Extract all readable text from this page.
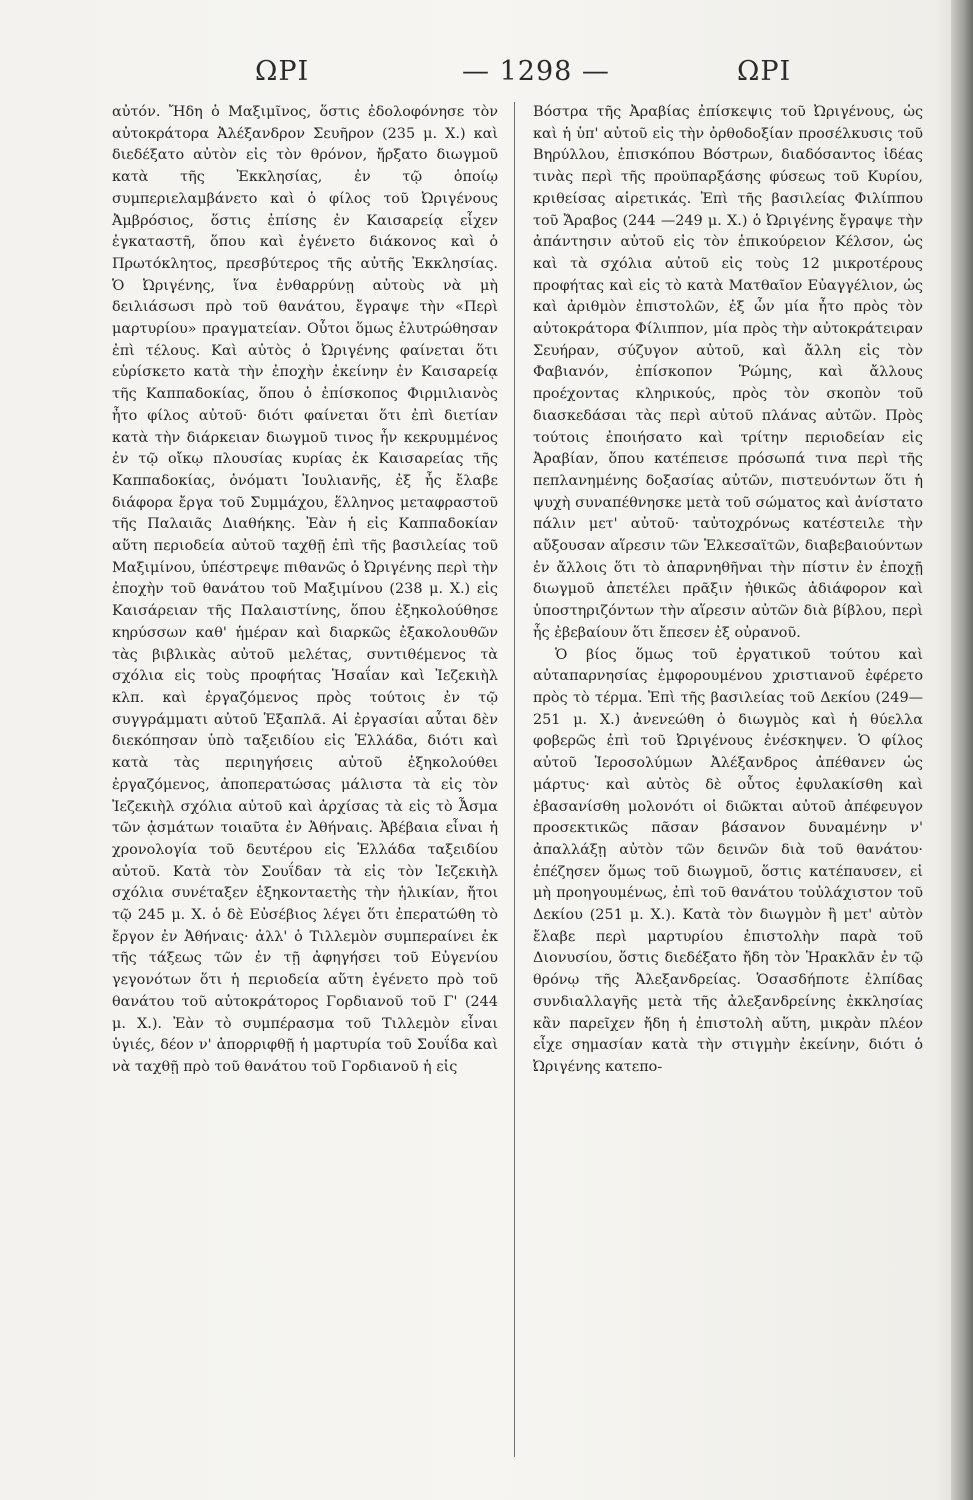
ΩΡΙ	— 1298 —	ΩΡΙ

αὐτόν. Ἤδη ὁ Μαξιμῖνος, ὅστις ἐδολοφόνησε τὸν αὐτοκράτορα Ἀλέξανδρον Σευῆρον (235 μ. Χ.) καὶ διεδέξατο αὐτὸν εἰς τὸν θρόνον, ἤρξατο διωγμοῦ κατὰ τῆς Ἐκκλησίας, ἐν τῷ ὁποίῳ συμπεριελαμβάνετο καὶ ὁ φίλος τοῦ Ὠριγένους Ἀμβρόσιος, ὅστις ἐπίσης ἐν Καισαρείᾳ εἶχεν ἐγκαταστῆ, ὅπου καὶ ἐγένετο διάκονος καὶ ὁ Πρωτόκλητος, πρεσβύτερος τῆς αὐτῆς Ἐκκλησίας. Ὁ Ὠριγένης, ἵνα ἐνθαρρύνῃ αὐτοὺς νὰ μὴ δειλιάσωσι πρὸ τοῦ θανάτου, ἔγραψε τὴν «Περὶ μαρτυρίου» πραγματείαν. Οὗτοι ὅμως ἐλυτρώθησαν ἐπὶ τέλους. Καὶ αὐτὸς ὁ Ὠριγένης φαίνεται ὅτι εὑρίσκετο κατὰ τὴν ἐποχὴν ἐκείνην ἐν Καισαρείᾳ τῆς Καππαδοκίας, ὅπου ὁ ἐπίσκοπος Φιρμιλιανὸς ἦτο φίλος αὐτοῦ· διότι φαίνεται ὅτι ἐπὶ διετίαν κατὰ τὴν διάρκειαν διωγμοῦ τινος ἦν κεκρυμμένος ἐν τῷ οἴκῳ πλουσίας κυρίας ἐκ Καισαρείας τῆς Καππαδοκίας, ὀνόματι Ἰουλιανῆς, ἐξ ἧς ἔλαβε διάφορα ἔργα τοῦ Συμμάχου, ἕλληνος μεταφραστοῦ τῆς Παλαιᾶς Διαθήκης. Ἐὰν ἡ εἰς Καππαδοκίαν αὕτη περιοδεία αὐτοῦ ταχθῇ ἐπὶ τῆς βασιλείας τοῦ Μαξιμίνου, ὑπέστρεψε πιθανῶς ὁ Ὠριγένης περὶ τὴν ἐποχὴν τοῦ θανάτου τοῦ Μαξιμίνου (238 μ. Χ.) εἰς Καισάρειαν τῆς Παλαιστίνης, ὅπου ἐξηκολούθησε κηρύσσων καθ' ἡμέραν καὶ διαρκῶς ἐξακολουθῶν τὰς βιβλικὰς αὐτοῦ μελέτας, συντιθέμενος τὰ σχόλια εἰς τοὺς προφήτας Ἡσαΐαν καὶ Ἰεζεκιὴλ κλπ. καὶ ἐργαζόμενος πρὸς τούτοις ἐν τῷ συγγράμματι αὐτοῦ Ἑξαπλᾶ. Αἱ ἐργασίαι αὗται δὲν διεκόπησαν ὑπὸ ταξειδίου εἰς Ἑλλάδα, διότι καὶ κατὰ τὰς περιηγήσεις αὐτοῦ ἐξηκολούθει ἐργαζόμενος, ἀποπερατώσας μάλιστα τὰ εἰς τὸν Ἰεζεκιὴλ σχόλια αὐτοῦ καὶ ἀρχίσας τὰ εἰς τὸ Ἆσμα τῶν ᾀσμάτων τοιαῦτα ἐν Ἀθήναις. Ἀβέβαια εἶναι ἡ χρονολογία τοῦ δευτέρου εἰς Ἑλλάδα ταξειδίου αὐτοῦ. Κατὰ τὸν Σουΐδαν τὰ εἰς τὸν Ἰεζεκιὴλ σχόλια συνέταξεν ἑξηκονταετὴς τὴν ἡλικίαν, ἤτοι τῷ 245 μ. Χ. ὁ δὲ Εὐσέβιος λέγει ὅτι ἐπερατώθη τὸ ἔργον ἐν Ἀθήναις· ἀλλ' ὁ Τιλλεμὸν συμπεραίνει ἐκ τῆς τάξεως τῶν ἐν τῇ ἀφηγήσει τοῦ Εὐγενίου γεγονότων ὅτι ἡ περιοδεία αὕτη ἐγένετο πρὸ τοῦ θανάτου τοῦ αὐτοκράτορος Γορδιανοῦ τοῦ Γ' (244 μ. Χ.). Ἐὰν τὸ συμπέρασμα τοῦ Τιλλεμὸν εἶναι ὑγιές, δέον ν' ἀπορριφθῇ ἡ μαρτυρία τοῦ Σουΐδα καὶ νὰ ταχθῇ πρὸ τοῦ θανάτου τοῦ Γορδιανοῦ ἡ εἰς

Βόστρα τῆς Ἀραβίας ἐπίσκεψις τοῦ Ὠριγένους, ὡς καὶ ἡ ὑπ' αὐτοῦ εἰς τὴν ὀρθοδοξίαν προσέλκυσις τοῦ Βηρύλλου, ἐπισκόπου Βόστρων, διαδόσαντος ἰδέας τινὰς περὶ τῆς προϋπαρξάσης φύσεως τοῦ Κυρίου, κριθείσας αἱρετικάς. Ἐπὶ τῆς βασιλείας Φιλίππου τοῦ Ἄραβος (244 —249 μ. Χ.) ὁ Ὠριγένης ἔγραψε τὴν ἀπάντησιν αὐτοῦ εἰς τὸν ἐπικούρειον Κέλσον, ὡς καὶ τὰ σχόλια αὐτοῦ εἰς τοὺς 12 μικροτέρους προφήτας καὶ εἰς τὸ κατὰ Ματθαῖον Εὐαγγέλιον, ὡς καὶ ἀριθμὸν ἐπιστολῶν, ἐξ ὧν μία ἦτο πρὸς τὸν αὐτοκράτορα Φίλιππον, μία πρὸς τὴν αὐτοκράτειραν Σευήραν, σύζυγον αὐτοῦ, καὶ ἄλλη εἰς τὸν Φαβιανόν, ἐπίσκοπον Ῥώμης, καὶ ἄλλους προέχοντας κληρικούς, πρὸς τὸν σκοπὸν τοῦ διασκεδάσαι τὰς περὶ αὐτοῦ πλάνας αὐτῶν. Πρὸς τούτοις ἐποιήσατο καὶ τρίτην περιοδείαν εἰς Ἀραβίαν, ὅπου κατέπεισε πρόσωπά τινα περὶ τῆς πεπλανημένης δοξασίας αὐτῶν, πιστευόντων ὅτι ἡ ψυχὴ συναπέθνησκε μετὰ τοῦ σώματος καὶ ἀνίστατο πάλιν μετ' αὐτοῦ· ταὐτοχρόνως κατέστειλε τὴν αὔξουσαν αἵρεσιν τῶν Ἑλκεσαϊτῶν, διαβεβαιούντων ἐν ἄλλοις ὅτι τὸ ἀπαρνηθῆναι τὴν πίστιν ἐν ἐποχῇ διωγμοῦ ἀπετέλει πρᾶξιν ἠθικῶς ἀδιάφορον καὶ ὑποστηριζόντων τὴν αἵρεσιν αὐτῶν διὰ βίβλου, περὶ ἧς ἐβεβαίουν ὅτι ἔπεσεν ἐξ οὐρανοῦ.

Ὁ βίος ὅμως τοῦ ἐργατικοῦ τούτου καὶ αὐταπαρνησίας ἐμφορουμένου χριστιανοῦ ἐφέρετο πρὸς τὸ τέρμα. Ἐπὶ τῆς βασιλείας τοῦ Δεκίου (249—251 μ. Χ.) ἀνενεώθη ὁ διωγμὸς καὶ ἡ θύελλα φοβερῶς ἐπὶ τοῦ Ὠριγένους ἐνέσκηψεν. Ὁ φίλος αὐτοῦ Ἱεροσολύμων Ἀλέξανδρος ἀπέθανεν ὡς μάρτυς· καὶ αὐτὸς δὲ οὗτος ἐφυλακίσθη καὶ ἐβασανίσθη μολονότι οἱ διῶκται αὐτοῦ ἀπέφευγον προσεκτικῶς πᾶσαν βάσανον δυναμένην ν' ἀπαλλάξῃ αὐτὸν τῶν δεινῶν διὰ τοῦ θανάτου· ἐπέζησεν ὅμως τοῦ διωγμοῦ, ὅστις κατέπαυσεν, εἰ μὴ προηγουμένως, ἐπὶ τοῦ θανάτου τοὐλάχιστον τοῦ Δεκίου (251 μ. Χ.). Κατὰ τὸν διωγμὸν ἢ μετ' αὐτὸν ἔλαβε περὶ μαρτυρίου ἐπιστολὴν παρὰ τοῦ Διονυσίου, ὅστις διεδέξατο ἤδη τὸν Ἡρακλᾶν ἐν τῷ θρόνῳ τῆς Ἀλεξανδρείας. Ὁσασδήποτε ἐλπίδας συνδιαλλαγῆς μετὰ τῆς ἀλεξανδρείνης ἐκκλησίας κἂν παρεῖχεν ἤδη ἡ ἐπιστολὴ αὕτη, μικρὰν πλέον εἶχε σημασίαν κατὰ τὴν στιγμὴν ἐκείνην, διότι ὁ Ὠριγένης κατεπο-
